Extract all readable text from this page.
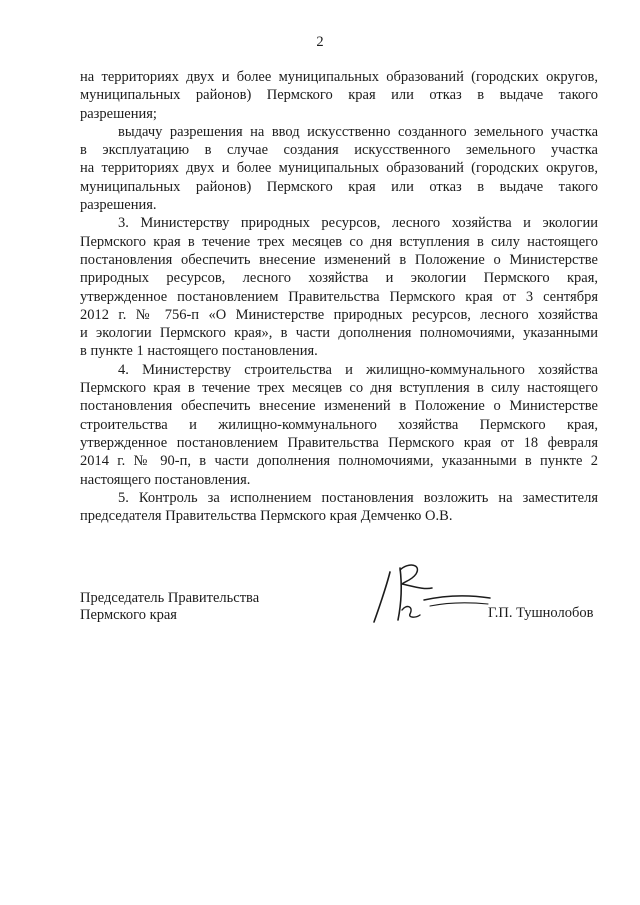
2
на территориях двух и более муниципальных образований (городских округов,
муниципальных районов) Пермского края или отказ в выдаче такого
разрешения;
выдачу разрешения на ввод искусственно созданного земельного участка
в эксплуатацию в случае создания искусственного земельного участка
на территориях двух и более муниципальных образований (городских округов,
муниципальных районов) Пермского края или отказ в выдаче такого
разрешения.
3. Министерству природных ресурсов, лесного хозяйства и экологии
Пермского края в течение трех месяцев со дня вступления в силу настоящего
постановления обеспечить внесение изменений в Положение о Министерстве
природных ресурсов, лесного хозяйства и экологии Пермского края,
утвержденное постановлением Правительства Пермского края от 3 сентября
2012 г. № 756-п «О Министерстве природных ресурсов, лесного хозяйства
и экологии Пермского края», в части дополнения полномочиями, указанными
в пункте 1 настоящего постановления.
4. Министерству строительства и жилищно-коммунального хозяйства
Пермского края в течение трех месяцев со дня вступления в силу настоящего
постановления обеспечить внесение изменений в Положение о Министерстве
строительства и жилищно-коммунального хозяйства Пермского края,
утвержденное постановлением Правительства Пермского края от 18 февраля
2014 г. № 90-п, в части дополнения полномочиями, указанными в пункте 2
настоящего постановления.
5. Контроль за исполнением постановления возложить на заместителя
председателя Правительства Пермского края Демченко О.В.
Председатель Правительства
Пермского края	Г.П. Тушнолобов
